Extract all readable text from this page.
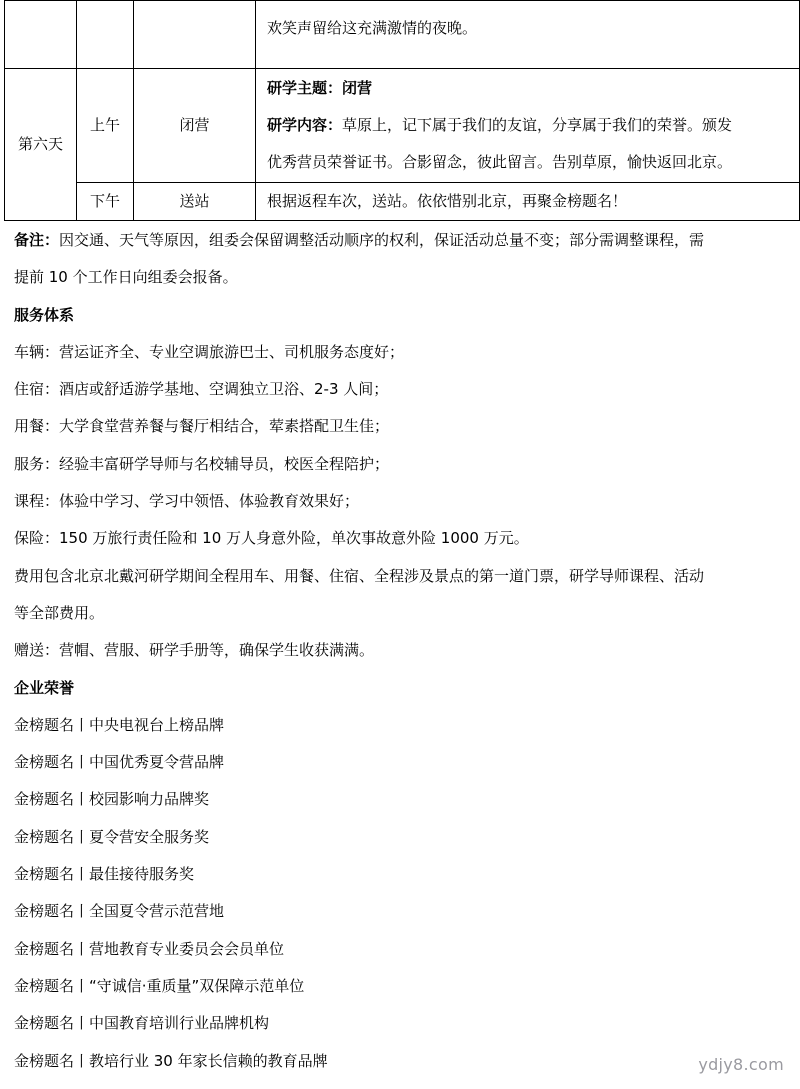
			欢笑声留给这充满激情的夜晚。
第六天	上午	闭营	研学主题：闭营

研学内容：草原上，记下属于我们的友谊，分享属于我们的荣誉。颁发

优秀营员荣誉证书。合影留念，彼此留言。告别草原，愉快返回北京。

	下午	送站	根据返程车次，送站。依依惜别北京，再聚金榜题名！

备注：因交通、天气等原因，组委会保留调整活动顺序的权利，保证活动总量不变；部分需调整课程，需

提前 10 个工作日向组委会报备。

服务体系

车辆：营运证齐全、专业空调旅游巴士、司机服务态度好；

住宿：酒店或舒适游学基地、空调独立卫浴、2-3 人间；

用餐：大学食堂营养餐与餐厅相结合，荤素搭配卫生佳；

服务：经验丰富研学导师与名校辅导员，校医全程陪护；

课程：体验中学习、学习中领悟、体验教育效果好；

保险：150 万旅行责任险和 10 万人身意外险，单次事故意外险 1000 万元。

费用包含北京北戴河研学期间全程用车、用餐、住宿、全程涉及景点的第一道门票，研学导师课程、活动

等全部费用。

赠送：营帽、营服、研学手册等，确保学生收获满满。

企业荣誉

金榜题名丨中央电视台上榜品牌
金榜题名丨中国优秀夏令营品牌
金榜题名丨校园影响力品牌奖
金榜题名丨夏令营安全服务奖
金榜题名丨最佳接待服务奖
金榜题名丨全国夏令营示范营地
金榜题名丨营地教育专业委员会会员单位
金榜题名丨“守诚信·重质量”双保障示范单位
金榜题名丨中国教育培训行业品牌机构
金榜题名丨教培行业 30 年家长信赖的教育品牌	ydjy8.com
